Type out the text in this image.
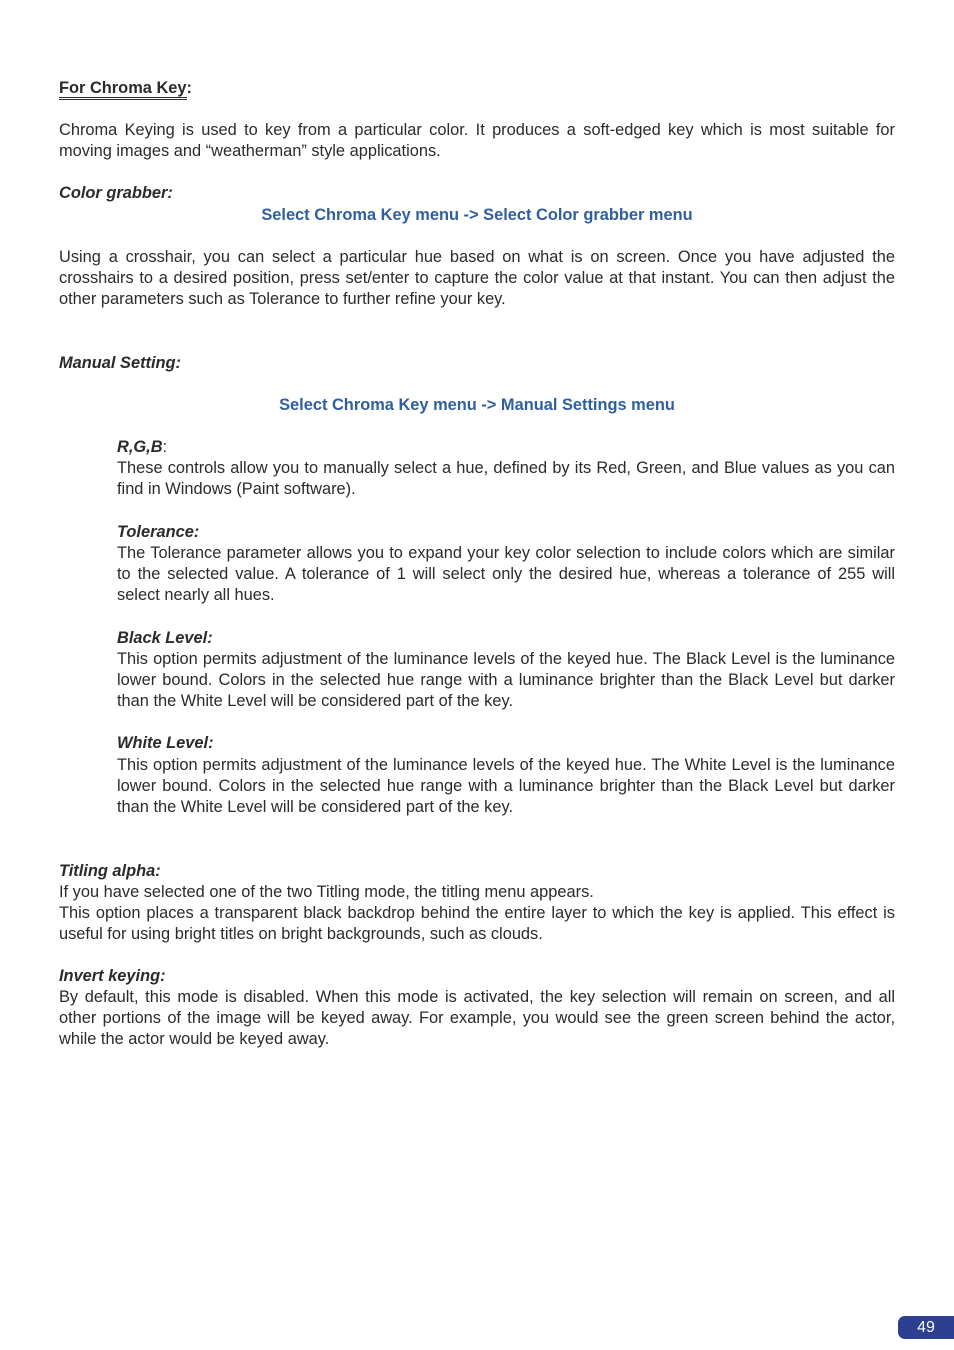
For Chroma Key:

Chroma Keying is used to key from a particular color. It produces a soft-edged key which is most suitable for moving images and “weatherman” style applications.

Color grabber:

Select Chroma Key menu -> Select Color grabber menu

Using a crosshair, you can select a particular hue based on what is on screen. Once you have adjusted the crosshairs to a desired position, press set/enter to capture the color value at that instant. You can then adjust the other parameters such as Tolerance to further refine your key.

Manual Setting:

Select Chroma Key menu -> Manual Settings menu

R,G,B:

These controls allow you to manually select a hue, defined by its Red, Green, and Blue values as you can find in Windows (Paint software).

Tolerance:

The Tolerance parameter allows you to expand your key color selection to include colors which are similar to the selected value. A tolerance of 1 will select only the desired hue, whereas a tolerance of 255 will select nearly all hues.

Black Level:

This option permits adjustment of the luminance levels of the keyed hue. The Black Level is the luminance lower bound. Colors in the selected hue range with a luminance brighter than the Black Level but darker than the White Level will be considered part of the key.

White Level:

This option permits adjustment of the luminance levels of the keyed hue. The White Level is the luminance lower bound. Colors in the selected hue range with a luminance brighter than the Black Level but darker than the White Level will be considered part of the key.

Titling alpha:

If you have selected one of the two Titling mode, the titling menu appears.

This option places a transparent black backdrop behind the entire layer to which the key is applied. This effect is useful for using bright titles on bright backgrounds, such as clouds.

Invert keying:

By default, this mode is disabled. When this mode is activated, the key selection will remain on screen, and all other portions of the image will be keyed away. For example, you would see the green screen behind the actor, while the actor would be keyed away.

49
